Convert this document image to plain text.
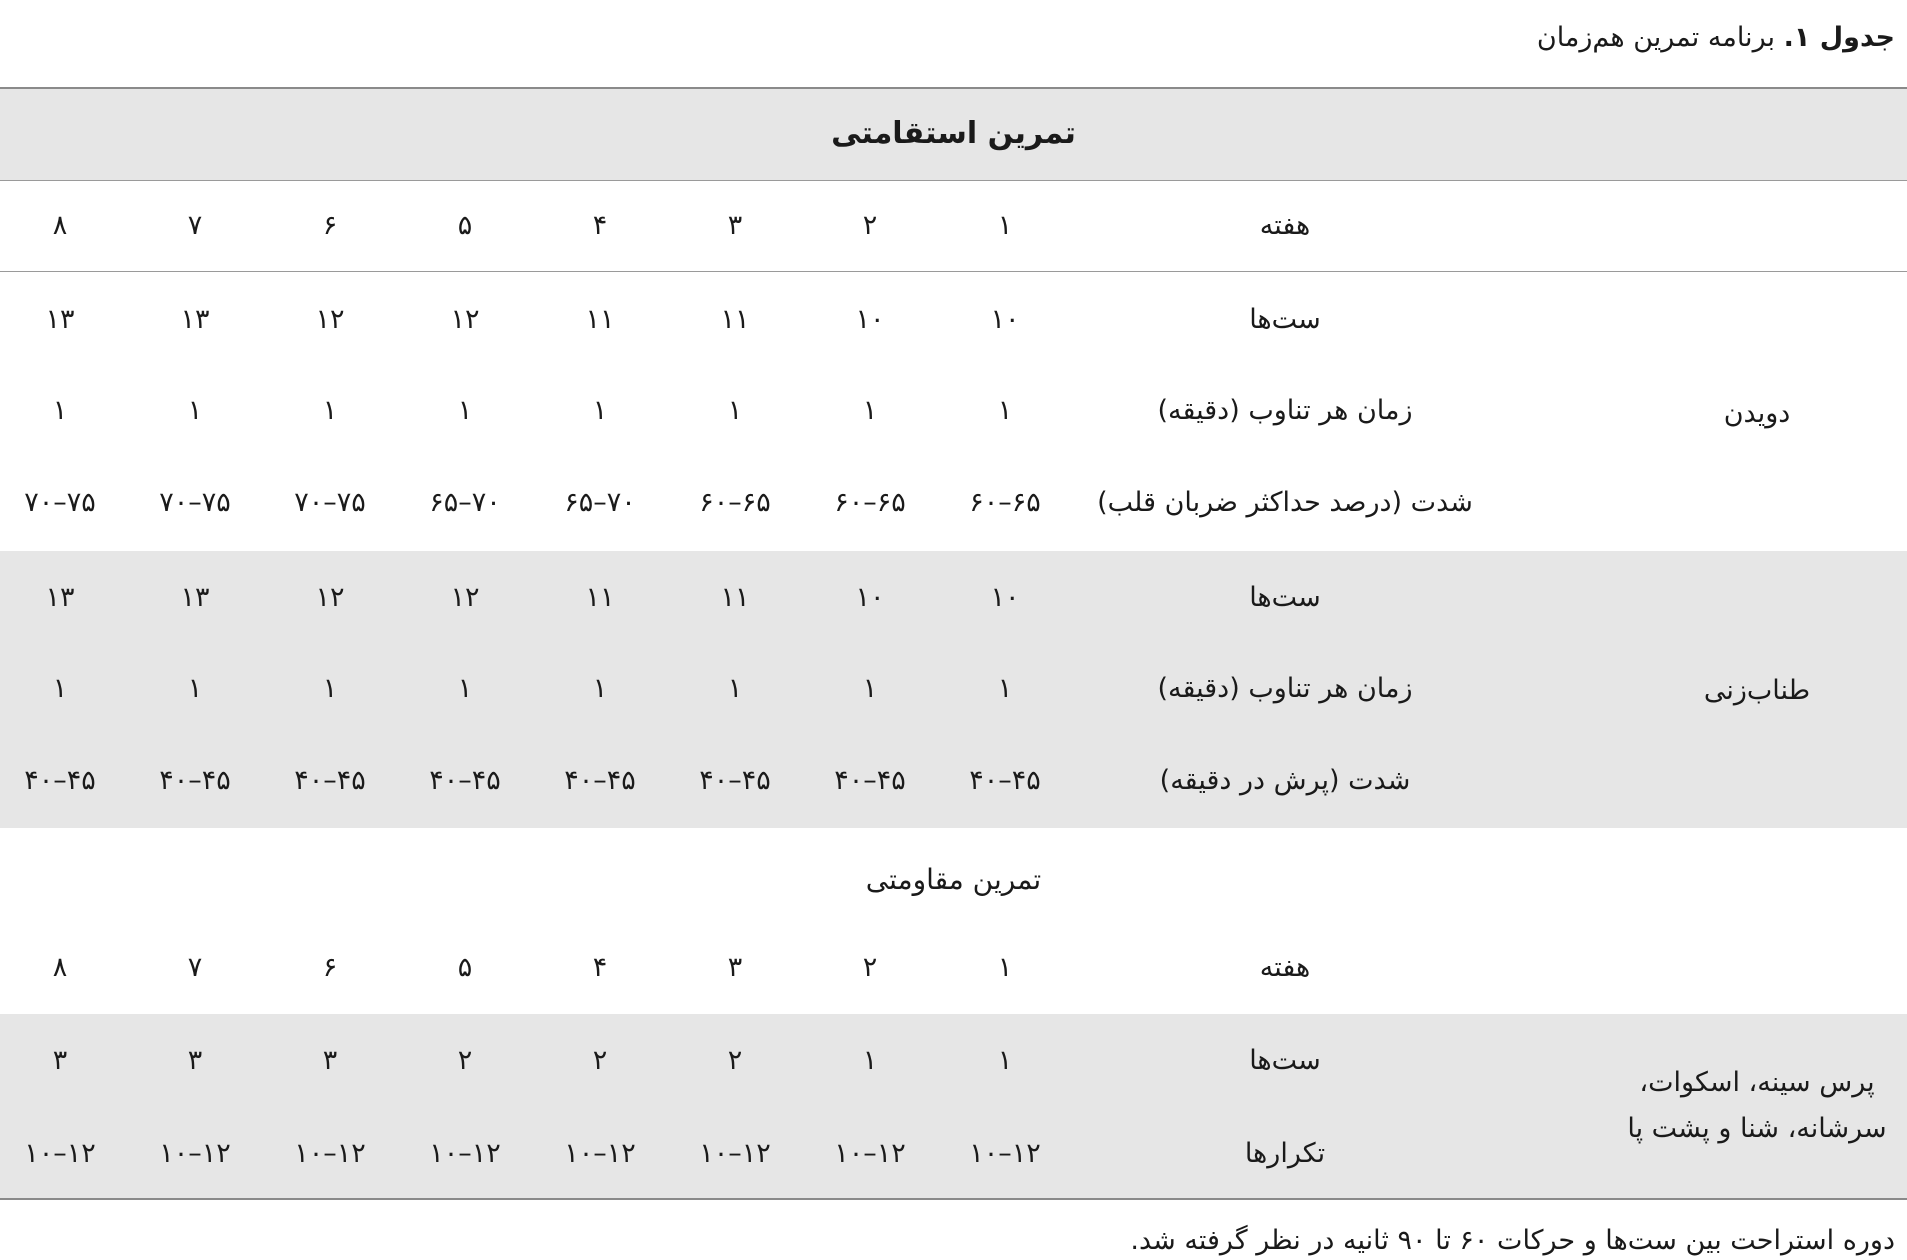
جدول ۱. برنامه تمرین هم‌زمان
تمرین استقامتی
هفته
۱
۲
۳
۴
۵
۶
۷
۸
دویدن
ست‌ها
۱۰
۱۰
۱۱
۱۱
۱۲
۱۲
۱۳
۱۳
زمان هر تناوب (دقیقه)
۱
۱
۱
۱
۱
۱
۱
۱
شدت (درصد حداکثر ضربان قلب)
۶۵–۶۰
۶۵–۶۰
۶۵–۶۰
۷۰–۶۵
۷۰–۶۵
۷۵–۷۰
۷۵–۷۰
۷۵–۷۰
طناب‌زنی
ست‌ها
۱۰
۱۰
۱۱
۱۱
۱۲
۱۲
۱۳
۱۳
زمان هر تناوب (دقیقه)
۱
۱
۱
۱
۱
۱
۱
۱
شدت (پرش در دقیقه)
۴۵–۴۰
۴۵–۴۰
۴۵–۴۰
۴۵–۴۰
۴۵–۴۰
۴۵–۴۰
۴۵–۴۰
۴۵–۴۰
تمرین مقاومتی
هفته
۱
۲
۳
۴
۵
۶
۷
۸
پرس سینه، اسکوات،
سرشانه، شنا و پشت پا
ست‌ها
۱
۱
۲
۲
۲
۳
۳
۳
تکرارها
۱۲–۱۰
۱۲–۱۰
۱۲–۱۰
۱۲–۱۰
۱۲–۱۰
۱۲–۱۰
۱۲–۱۰
۱۲–۱۰
دوره استراحت بین ست‌ها و حرکات ۶۰ تا ۹۰ ثانیه در نظر گرفته شد.
